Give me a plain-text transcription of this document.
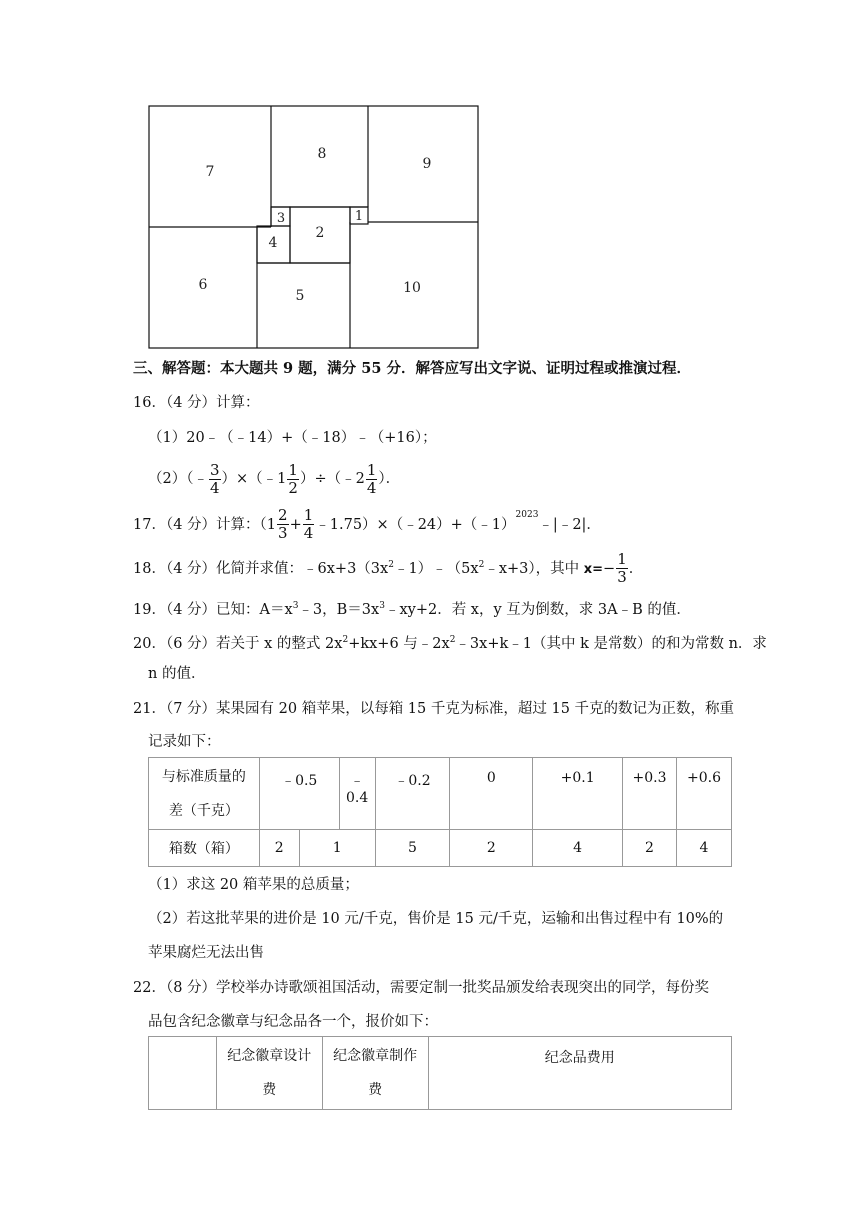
7
8
9
3	1
2
4
6	10
5
三、解答题：本大题共 9 题，满分 55 分．解答应写出文字说、证明过程或推演过程．
16．（4 分）计算：
（1）20﹣（﹣14）+（﹣18）﹣（+16）；
（2）（﹣ $\frac{3}{4}$ ）×（﹣1 $\frac{1}{2}$ ）÷（﹣2 $\frac{1}{4}$ ）．
17．（4 分）计算：（$1 \frac{2}{3} + \frac{1}{4}$ ﹣1.75）×（﹣24）+（﹣1）$^{2023}$﹣|﹣2|．
18．（4 分）化简并求值：$﹣6x+3(3x^2﹣1)﹣(5x^2﹣x+3)$，其中 $x=- \frac{1}{3}$ ．
19．（4 分）已知：$A=x^3﹣3$，$B=3x^3﹣xy+2$．若 x，y 互为倒数，求 3A﹣B 的值．
20．（6 分）若关于 x 的整式 $2x^2+kx+6$ 与$﹣2x^2﹣3x+k﹣1$（其中 k 是常数）的和为常数 n．求
n 的值．
21．（7 分）某果园有 20 箱苹果，以每箱 15 千克为标准，超过 15 千克的数记为正数，称重
记录如下：
与标准质量的
差（千克）	﹣0.5		﹣0.4	﹣0.2	0	+0.1	+0.3	+0.6
箱数（箱）	2	1		5	2	4	2	4
（1）求这 20 箱苹果的总质量；
（2）若这批苹果的进价是 10 元/千克，售价是 15 元/千克，运输和出售过程中有 10%的
苹果腐烂无法出售
22．（8 分）学校举办诗歌颂祖国活动，需要定制一批奖品颁发给表现突出的同学，每份奖
品包含纪念徽章与纪念品各一个，报价如下：
	纪念徽章设计
费	纪念徽章制作
费	纪念品费用
